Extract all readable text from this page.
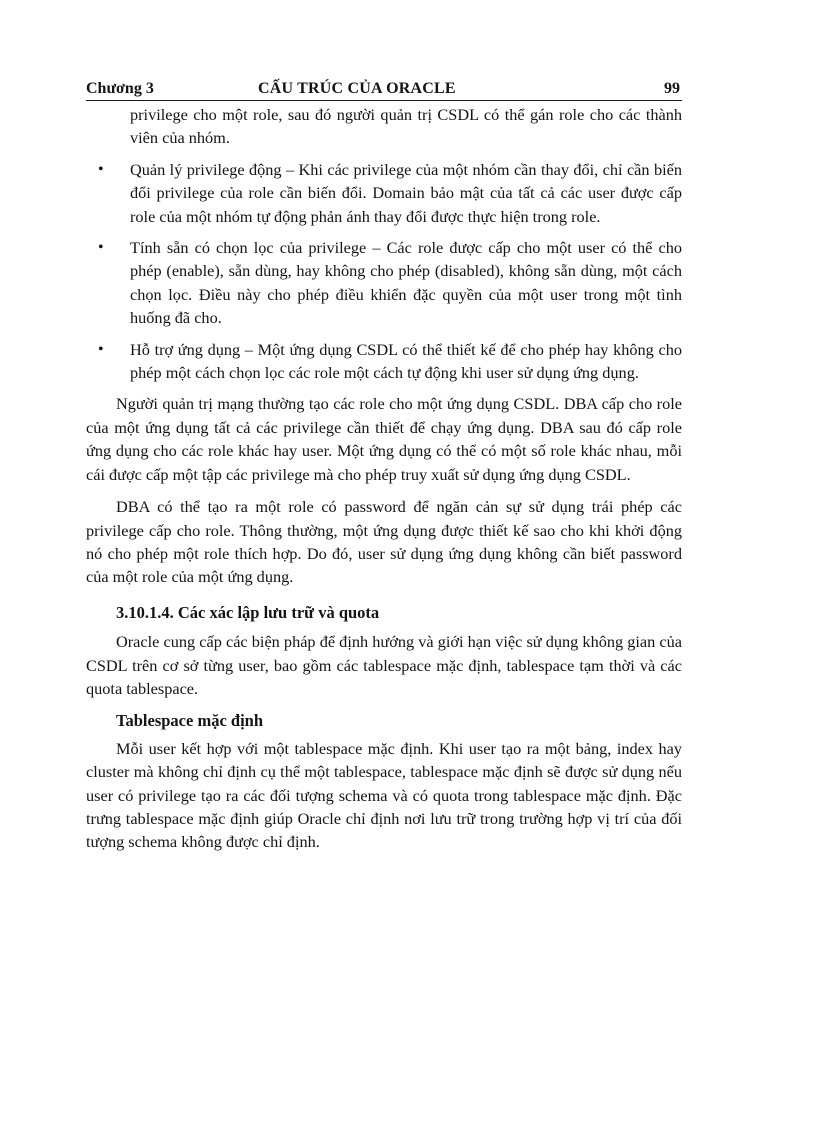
Chương 3	CẤU TRÚC CỦA ORACLE	99

privilege cho một role, sau đó người quản trị CSDL có thể gán role cho các thành viên của nhóm.

• Quản lý privilege động – Khi các privilege của một nhóm cần thay đổi, chỉ cần biến đổi privilege của role cần biến đổi. Domain bảo mật của tất cả các user được cấp role của một nhóm tự động phản ánh thay đổi được thực hiện trong role.
• Tính sẵn có chọn lọc của privilege – Các role được cấp cho một user có thể cho phép (enable), sẵn dùng, hay không cho phép (disabled), không sẵn dùng, một cách chọn lọc. Điều này cho phép điều khiển đặc quyền của một user trong một tình huống đã cho.
• Hỗ trợ ứng dụng – Một ứng dụng CSDL có thể thiết kế để cho phép hay không cho phép một cách chọn lọc các role một cách tự động khi user sử dụng ứng dụng.

Người quản trị mạng thường tạo các role cho một ứng dụng CSDL. DBA cấp cho role của một ứng dụng tất cả các privilege cần thiết để chạy ứng dụng. DBA sau đó cấp role ứng dụng cho các role khác hay user. Một ứng dụng có thể có một số role khác nhau, mỗi cái được cấp một tập các privilege mà cho phép truy xuất sử dụng ứng dụng CSDL.

DBA có thể tạo ra một role có password để ngăn cản sự sử dụng trái phép các privilege cấp cho role. Thông thường, một ứng dụng được thiết kế sao cho khi khởi động nó cho phép một role thích hợp. Do đó, user sử dụng ứng dụng không cần biết password của một role của một ứng dụng.

3.10.1.4. Các xác lập lưu trữ và quota

Oracle cung cấp các biện pháp để định hướng và giới hạn việc sử dụng không gian của CSDL trên cơ sở từng user, bao gồm các tablespace mặc định, tablespace tạm thời và các quota tablespace.

Tablespace mặc định

Mỗi user kết hợp với một tablespace mặc định. Khi user tạo ra một bảng, index hay cluster mà không chỉ định cụ thể một tablespace, tablespace mặc định sẽ được sử dụng nếu user có privilege tạo ra các đối tượng schema và có quota trong tablespace mặc định. Đặc trưng tablespace mặc định giúp Oracle chỉ định nơi lưu trữ trong trường hợp vị trí của đối tượng schema không được chỉ định.
